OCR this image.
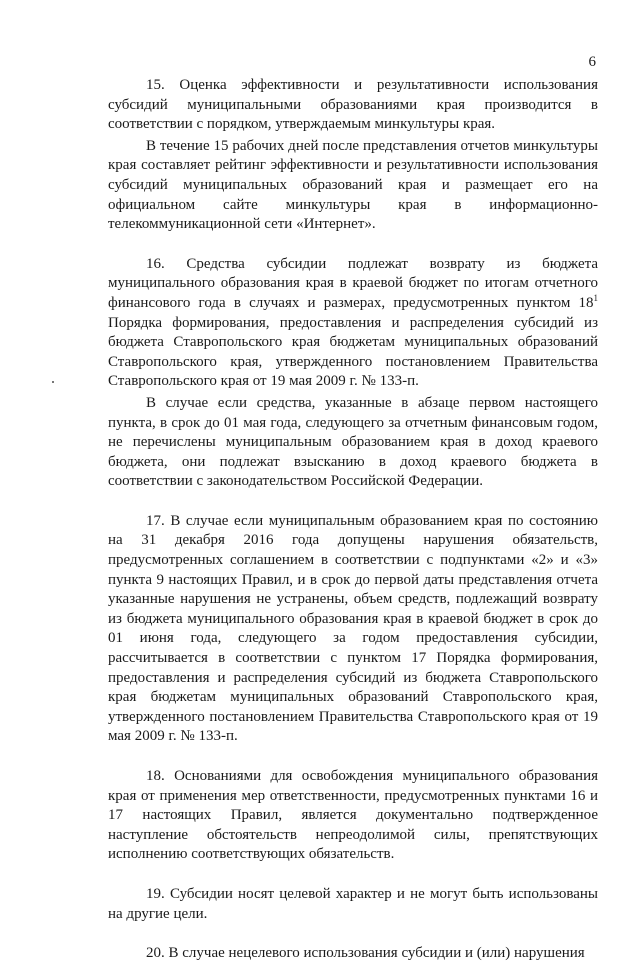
6

15. Оценка эффективности и результативности использования субсидий муниципальными образованиями края производится в соответствии с порядком, утверждаемым минкультуры края.

В течение 15 рабочих дней после представления отчетов минкультуры края составляет рейтинг эффективности и результативности использования субсидий муниципальных образований края и размещает его на официальном сайте минкультуры края в информационно-телекоммуникационной сети «Интернет».

16. Средства субсидии подлежат возврату из бюджета муниципального образования края в краевой бюджет по итогам отчетного финансового года в случаях и размерах, предусмотренных пунктом $18^1$ Порядка формирования, предоставления и распределения субсидий из бюджета Ставропольского края бюджетам муниципальных образований Ставропольского края, утвержденного постановлением Правительства Ставропольского края от 19 мая 2009 г. № 133-п.

В случае если средства, указанные в абзаце первом настоящего пункта, в срок до 01 мая года, следующего за отчетным финансовым годом, не перечислены муниципальным образованием края в доход краевого бюджета, они подлежат взысканию в доход краевого бюджета в соответствии с законодательством Российской Федерации.

17. В случае если муниципальным образованием края по состоянию на 31 декабря 2016 года допущены нарушения обязательств, предусмотренных соглашением в соответствии с подпунктами «2» и «3» пункта 9 настоящих Правил, и в срок до первой даты представления отчета указанные нарушения не устранены, объем средств, подлежащий возврату из бюджета муниципального образования края в краевой бюджет в срок до 01 июня года, следующего за годом предоставления субсидии, рассчитывается в соответствии с пунктом 17 Порядка формирования, предоставления и распределения субсидий из бюджета Ставропольского края бюджетам муниципальных образований Ставропольского края, утвержденного постановлением Правительства Ставропольского края от 19 мая 2009 г. № 133-п.

18. Основаниями для освобождения муниципального образования края от применения мер ответственности, предусмотренных пунктами 16 и 17 настоящих Правил, является документально подтвержденное наступление обстоятельств непреодолимой силы, препятствующих исполнению соответствующих обязательств.

19. Субсидии носят целевой характер и не могут быть использованы на другие цели.

20. В случае нецелевого использования субсидии и (или) нарушения
